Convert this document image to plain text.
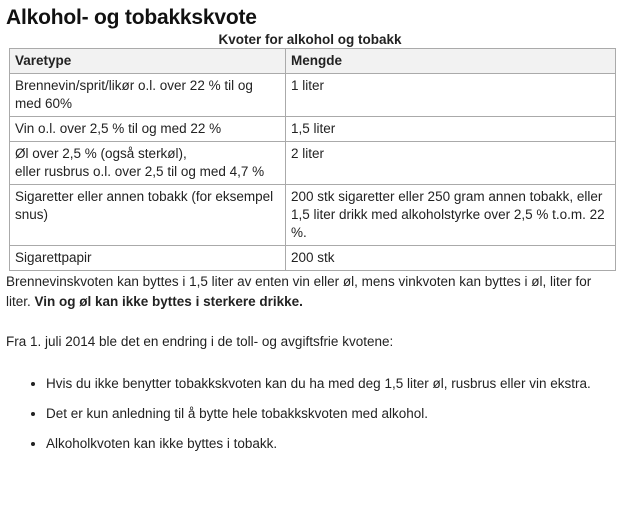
Alkohol- og tobakkskvote
Kvoter for alkohol og tobakk
Varetype	Mengde
Brennevin/sprit/likør o.l. over 22 % til og med 60%	1 liter
Vin o.l. over 2,5 % til og med 22 %	1,5 liter
Øl over 2,5 % (også sterkøl),
eller rusbrus o.l. over 2,5 til og med 4,7 %	2 liter
Sigaretter eller annen tobakk (for eksempel snus)	200 stk sigaretter eller 250 gram annen tobakk, eller 1,5 liter drikk med alkoholstyrke over 2,5 % t.o.m. 22 %.
Sigarettpapir	200 stk

Brennevinskvoten kan byttes i 1,5 liter av enten vin eller øl, mens vinkvoten kan byttes i øl, liter for liter. Vin og øl kan ikke byttes i sterkere drikke.

Fra 1. juli 2014 ble det en endring i de toll- og avgiftsfrie kvotene:

• Hvis du ikke benytter tobakkskvoten kan du ha med deg 1,5 liter øl, rusbrus eller vin ekstra.
• Det er kun anledning til å bytte hele tobakkskvoten med alkohol.
• Alkoholkvoten kan ikke byttes i tobakk.
